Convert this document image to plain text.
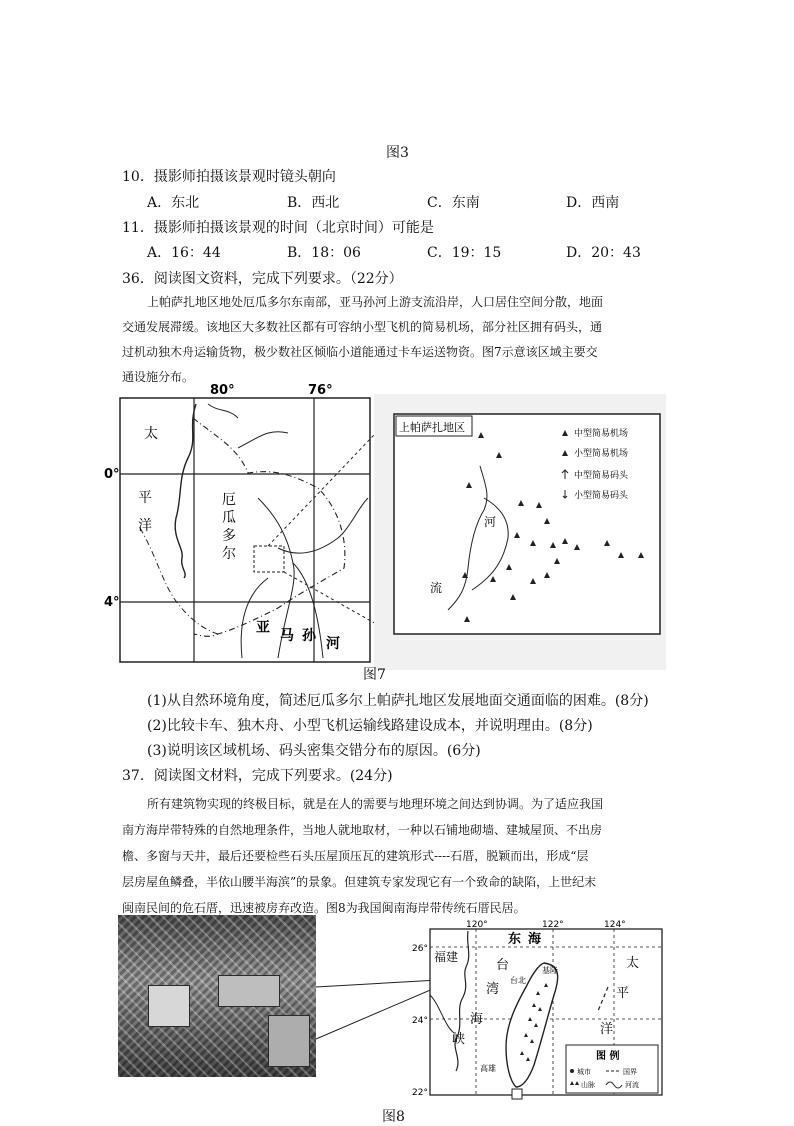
图3
10．摄影师拍摄该景观时镜头朝向
A．东北	B．西北	C．东南	D．西南
11．摄影师拍摄该景观的时间（北京时间）可能是
A．16：44	B．18：06	C．19：15	D．20：43
36．阅读图文资料，完成下列要求。（22分）
上帕萨扎地区地处厄瓜多尔东南部，亚马孙河上游支流沿岸，人口居住空间分散，地面
交通发展滞缓。该地区大多数社区都有可容纳小型飞机的简易机场，部分社区拥有码头，通
过机动独木舟运输货物，极少数社区倾临小道能通过卡车运送物资。图7示意该区域主要交
通设施分布。
80°	76°
0°
4°
太
平
洋
厄
瓜
多
尔
亚 马 孙 河
上帕萨扎地区
河
流
中型简易机场
小型简易机场
中型简易码头
小型简易码头
图7
(1)从自然环境角度，简述厄瓜多尔上帕萨扎地区发展地面交通面临的困难。(8分)
(2)比较卡车、独木舟、小型飞机运输线路建设成本，并说明理由。(8分)
(3)说明该区域机场、码头密集交错分布的原因。(6分)
37．阅读图文材料，完成下列要求。(24分)
所有建筑物实现的终极目标，就是在人的需要与地理环境之间达到协调。为了适应我国
南方海岸带特殊的自然地理条件，当地人就地取材，一种以石铺地砌墙、建城屋顶、不出房
檐、多窗与天井，最后还要检些石头压屋顶压瓦的建筑形式----石厝，脱颖而出，形成“层
层房屋鱼鳞叠，半依山腰半海滨”的景象。但建筑专家发现它有一个致命的缺陷，上世纪末
闽南民间的危石厝，迅速被房弃改造。图8为我国闽南海岸带传统石厝民居。
120°	122°	124°
26°
24°
22°
东 海
福建
台
湾
海
峡
台北
基隆
高雄
太
平
洋
图 例
城市	国界
山脉	河流
图8
